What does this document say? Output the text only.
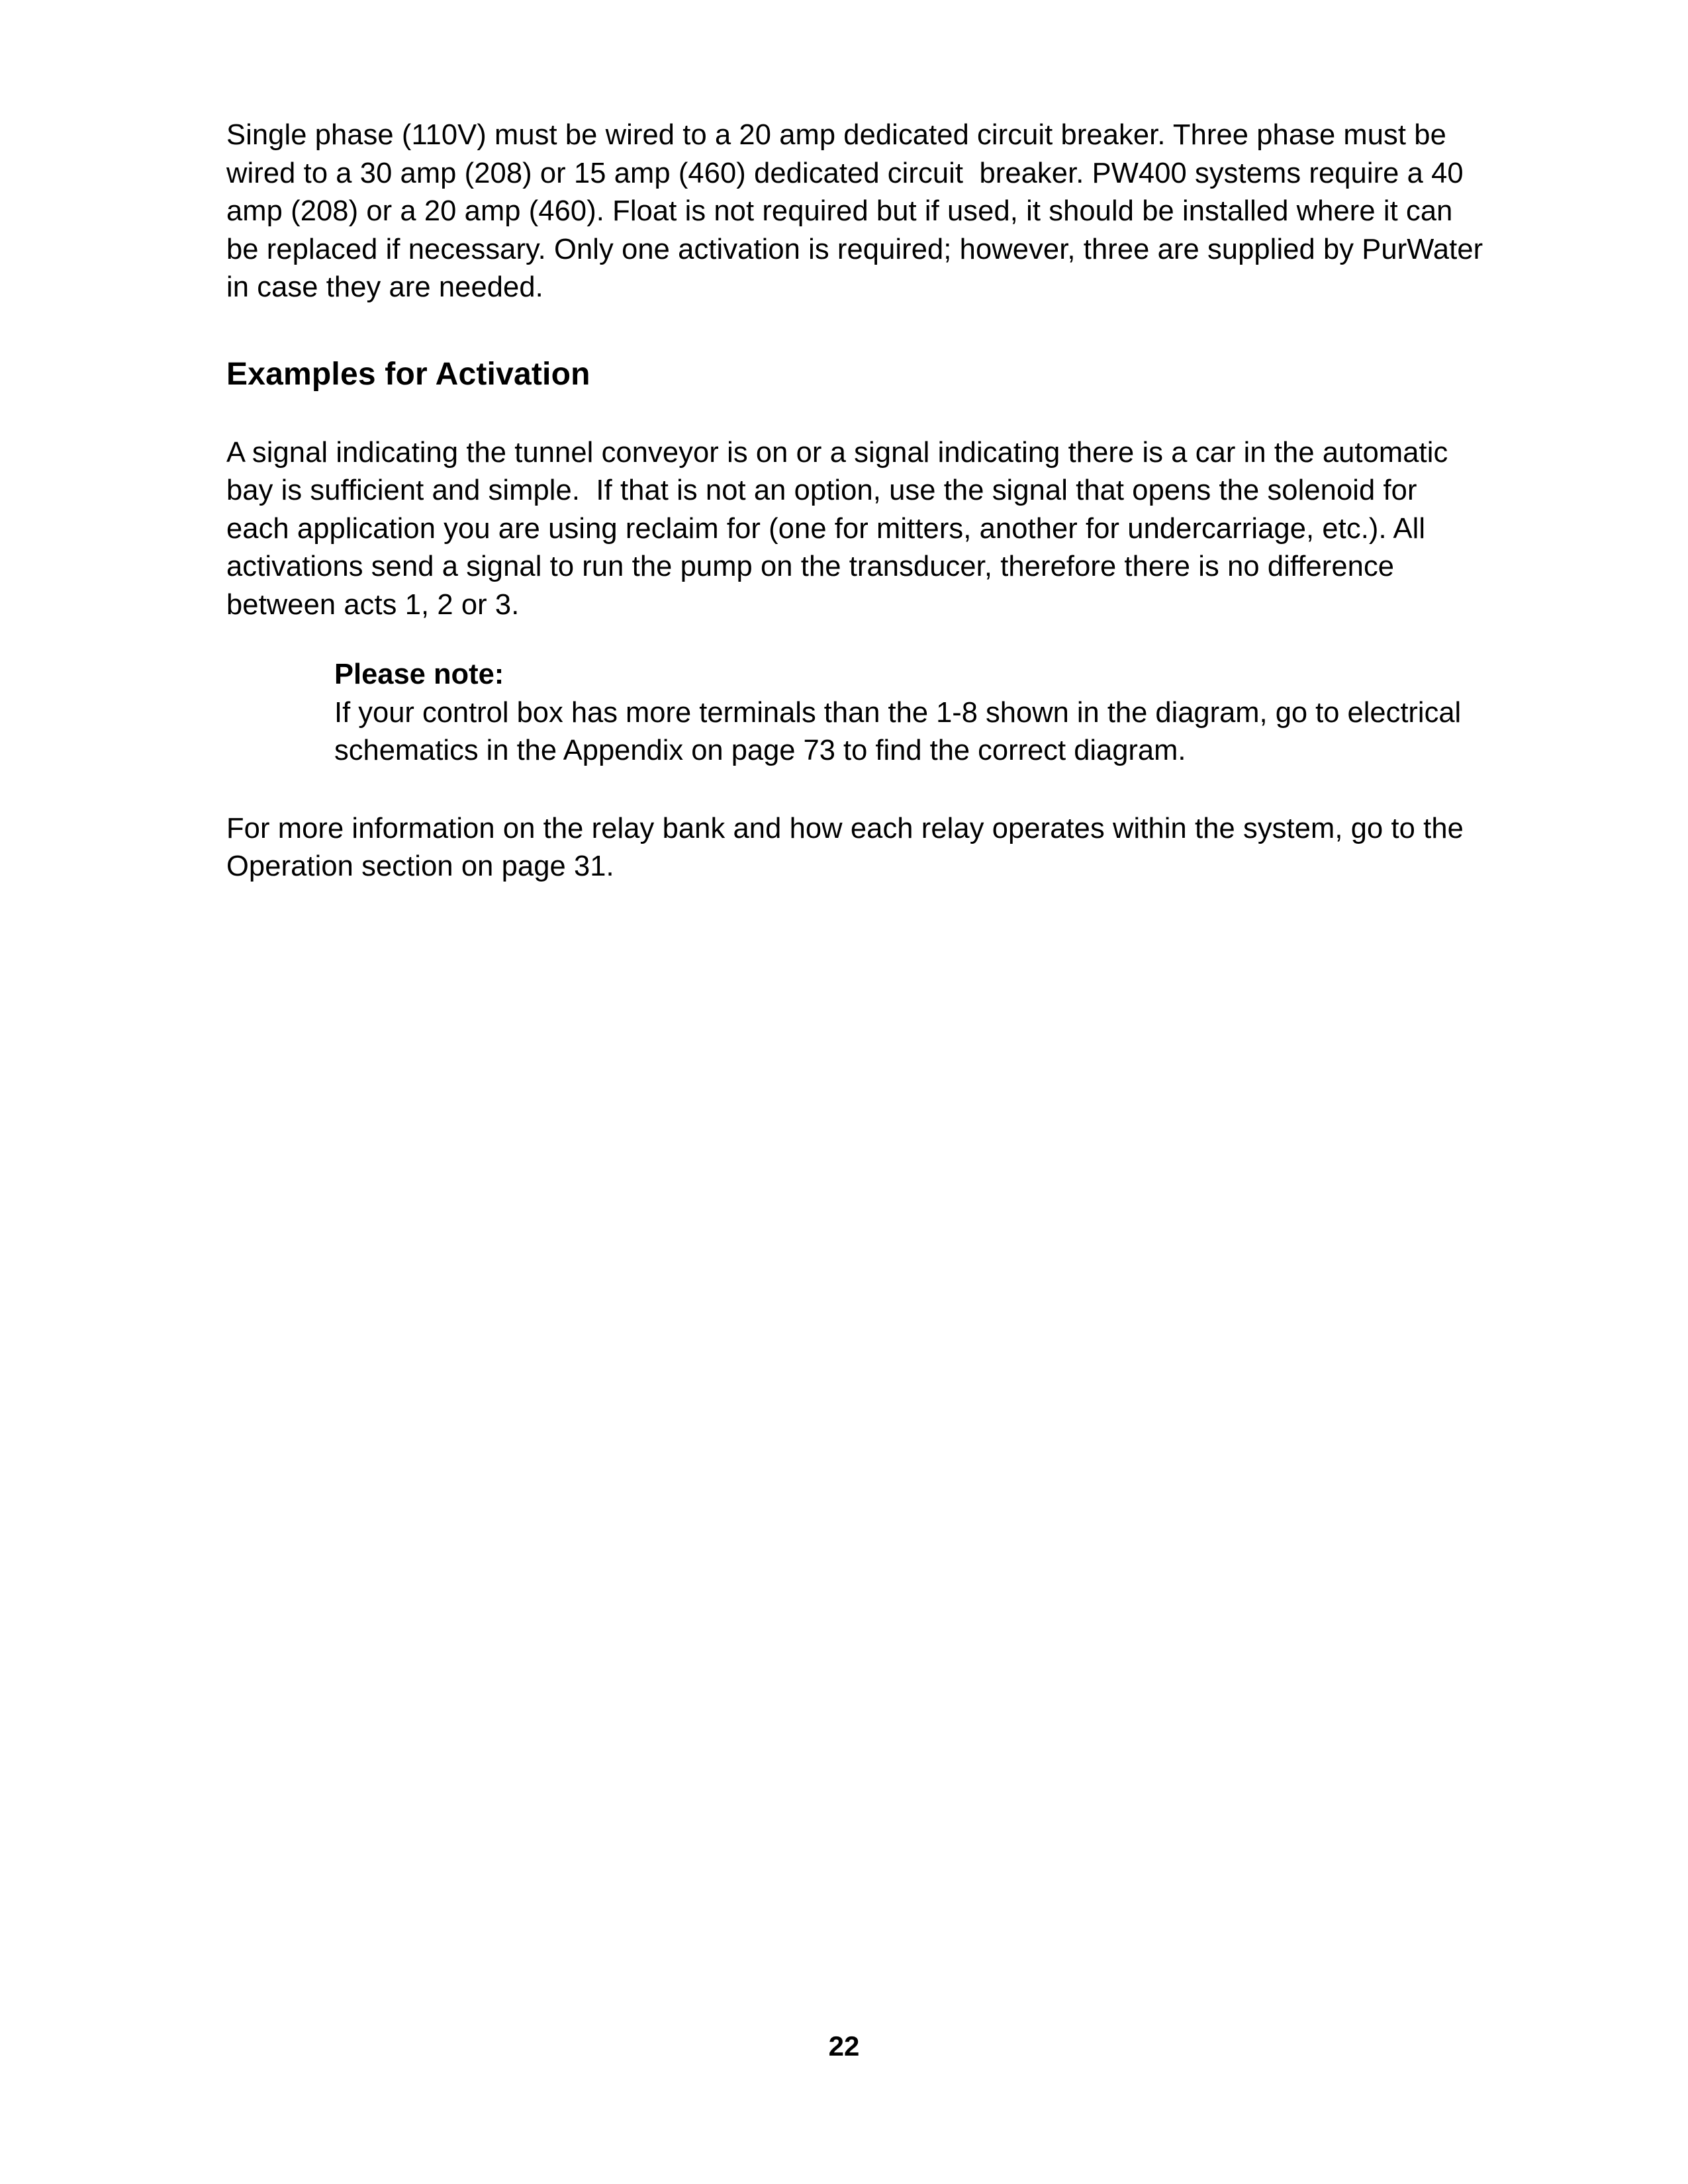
Single phase (110V) must be wired to a 20 amp dedicated circuit breaker. Three phase must be wired to a 30 amp (208) or 15 amp (460) dedicated circuit  breaker. PW400 systems require a 40 amp (208) or a 20 amp (460). Float is not required but if used, it should be installed where it can be replaced if necessary. Only one activation is required; however, three are supplied by PurWater in case they are needed.

Examples for Activation

A signal indicating the tunnel conveyor is on or a signal indicating there is a car in the automatic bay is sufficient and simple.  If that is not an option, use the signal that opens the solenoid for each application you are using reclaim for (one for mitters, another for undercarriage, etc.). All activations send a signal to run the pump on the transducer, therefore there is no difference between acts 1, 2 or 3.

Please note:

If your control box has more terminals than the 1-8 shown in the diagram, go to electrical schematics in the Appendix on page 73 to find the correct diagram.

For more information on the relay bank and how each relay operates within the system, go to the Operation section on page 31.

22
